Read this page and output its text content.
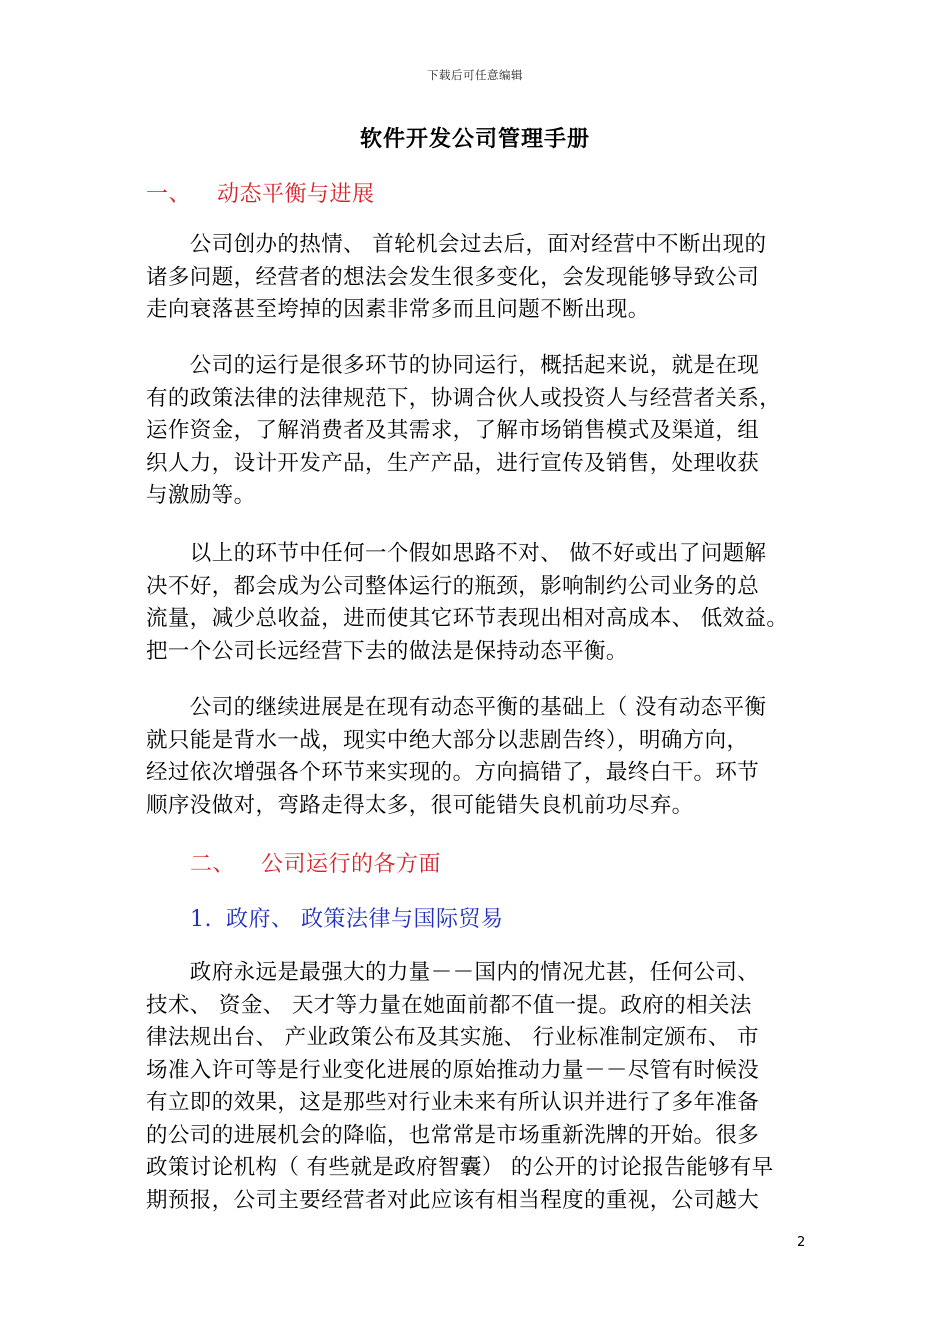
下载后可任意编辑
软件开发公司管理手册
一、 动态平衡与进展
　　公司创办的热情、 首轮机会过去后，面对经营中不断出现的
诸多问题，经营者的想法会发生很多变化，会发现能够导致公司
走向衰落甚至垮掉的因素非常多而且问题不断出现。
　　公司的运行是很多环节的协同运行，概括起来说，就是在现
有的政策法律的法律规范下，协调合伙人或投资人与经营者关系，
运作资金，了解消费者及其需求，了解市场销售模式及渠道，组
织人力，设计开发产品，生产产品，进行宣传及销售，处理收获
与激励等。
　　以上的环节中任何一个假如思路不对、 做不好或出了问题解
决不好，都会成为公司整体运行的瓶颈，影响制约公司业务的总
流量，减少总收益，进而使其它环节表现出相对高成本、 低效益。
把一个公司长远经营下去的做法是保持动态平衡。
　　公司的继续进展是在现有动态平衡的基础上（ 没有动态平衡
就只能是背水一战，现实中绝大部分以悲剧告终），明确方向，
经过依次增强各个环节来实现的。方向搞错了，最终白干。环节
顺序没做对，弯路走得太多，很可能错失良机前功尽弃。
二、 公司运行的各方面
1. 政府、 政策法律与国际贸易
　　政府永远是最强大的力量－－国内的情况尤甚，任何公司、
技术、 资金、 天才等力量在她面前都不值一提。政府的相关法
律法规出台、 产业政策公布及其实施、 行业标准制定颁布、 市
场准入许可等是行业变化进展的原始推动力量－－尽管有时候没
有立即的效果，这是那些对行业未来有所认识并进行了多年准备
的公司的进展机会的降临，也常常是市场重新洗牌的开始。很多
政策讨论机构（ 有些就是政府智囊） 的公开的讨论报告能够有早
期预报，公司主要经营者对此应该有相当程度的重视，公司越大
2
